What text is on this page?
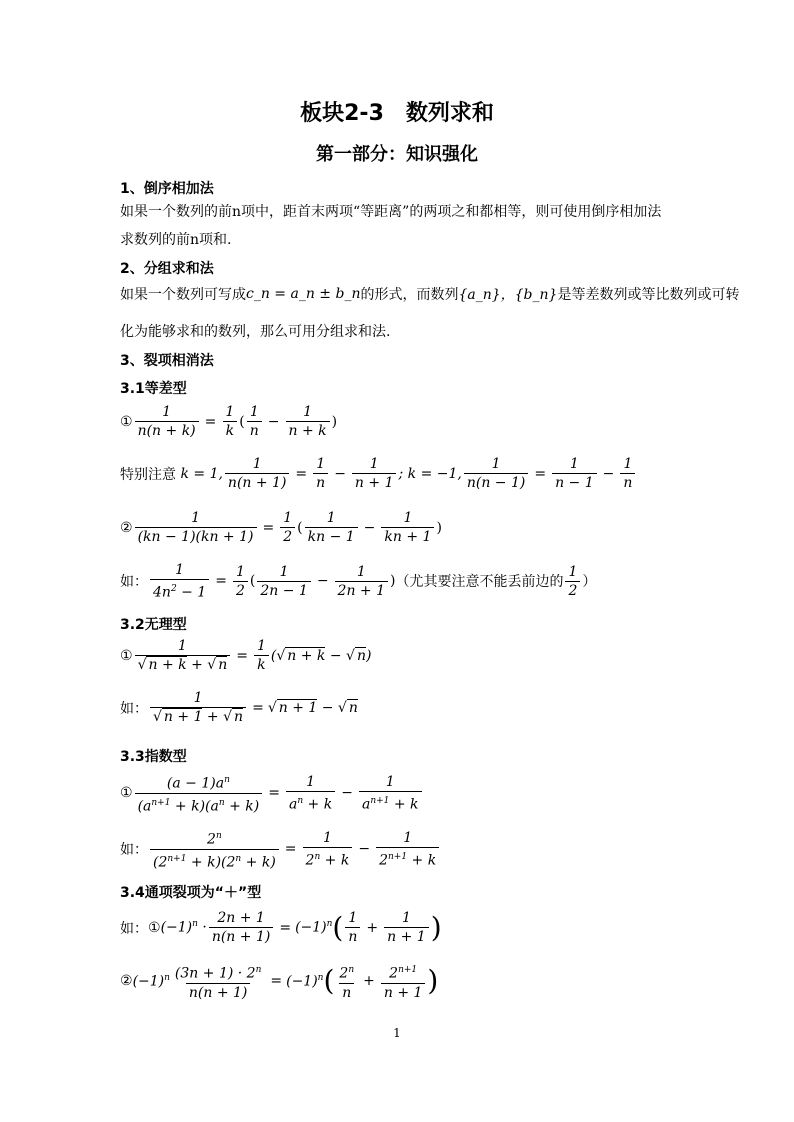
板块2-3　数列求和
第一部分：知识强化
1、倒序相加法
如果一个数列的前n项中，距首末两项“等距离”的两项之和都相等，则可使用倒序相加法
求数列的前n项和.
2、分组求和法
如果一个数列可写成 c_n = a_n ± b_n 的形式，而数列 {a_n}，{b_n} 是等差数列或等比数列或可转
化为能够求和的数列，那么可用分组求和法.
3、裂项相消法
3.1等差型
① $\frac{1}{n(n + k)} = \frac{1}{k}$ ( $\frac{1}{n} - \frac{1}{n + k}$ )
特别注意 k = 1, $\frac{1}{n(n + 1)} = \frac{1}{n} - \frac{1}{n + 1}$ ; k = −1, $\frac{1}{n(n - 1)} = \frac{1}{n - 1} - \frac{1}{n}$
② $\frac{1}{(kn - 1)(kn + 1)} = \frac{1}{2}$ ( $\frac{1}{kn - 1} - \frac{1}{kn + 1}$ )
如： $\frac{1}{4n^2 - 1} = \frac{1}{2}$ ( $\frac{1}{2n - 1} - \frac{1}{2n + 1}$ ) （尤其要注意不能丢前边的 $\frac{1}{2}$ ）
3.2无理型
① $\frac{1}{√ n + k + √ n} = \frac{1}{k}$ (√ n + k − √ n)
如： $\frac{1}{√ n + 1 + √ n}$ = √ n + 1 − √ n
3.3指数型
① $\frac{(a - 1)a^n}{(a^{n+1} + k)(a^n + k)} = \frac{1}{a^n + k} - \frac{1}{a^{n+1} + k}$
如： $\frac{2^n}{(2^{n+1} + k)(2^n + k)} = \frac{1}{2^n + k} - \frac{1}{2^{n+1} + k}$
3.4通项裂项为“＋”型
如： ① $(-1)^n \cdot \frac{2n + 1}{n(n + 1)} = (-1)^n$ ( $\frac{1}{n} + \frac{1}{n + 1}$ )
② $(-1)^n \frac{(3n + 1) \cdot 2^n}{n(n + 1)} = (-1)^n$ ( $\frac{2^n}{n} + \frac{2^{n+1}}{n + 1}$ )
1
